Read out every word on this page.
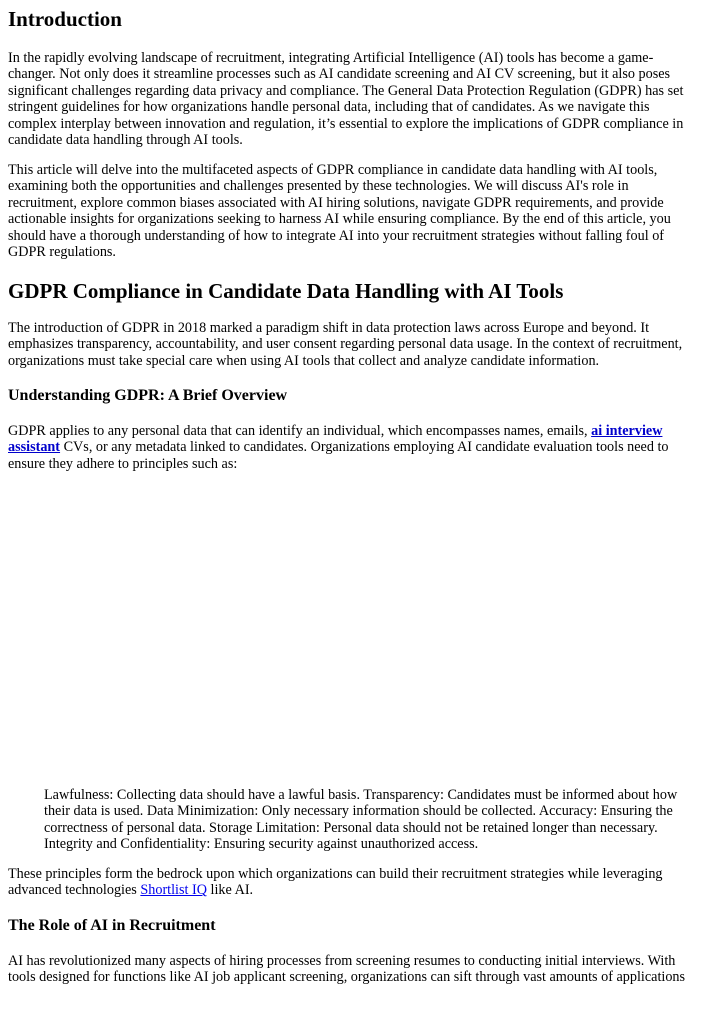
Introduction

In the rapidly evolving landscape of recruitment, integrating Artificial Intelligence (AI) tools has become a game-
changer. Not only does it streamline processes such as AI candidate screening and AI CV screening, but it also poses
significant challenges regarding data privacy and compliance. The General Data Protection Regulation (GDPR) has set
stringent guidelines for how organizations handle personal data, including that of candidates. As we navigate this
complex interplay between innovation and regulation, it’s essential to explore the implications of GDPR compliance in
candidate data handling through AI tools.

This article will delve into the multifaceted aspects of GDPR compliance in candidate data handling with AI tools,
examining both the opportunities and challenges presented by these technologies. We will discuss AI's role in
recruitment, explore common biases associated with AI hiring solutions, navigate GDPR requirements, and provide
actionable insights for organizations seeking to harness AI while ensuring compliance. By the end of this article, you
should have a thorough understanding of how to integrate AI into your recruitment strategies without falling foul of
GDPR regulations.

GDPR Compliance in Candidate Data Handling with AI Tools

The introduction of GDPR in 2018 marked a paradigm shift in data protection laws across Europe and beyond. It
emphasizes transparency, accountability, and user consent regarding personal data usage. In the context of recruitment,
organizations must take special care when using AI tools that collect and analyze candidate information.

Understanding GDPR: A Brief Overview

GDPR applies to any personal data that can identify an individual, which encompasses names, emails, ai interview
assistant CVs, or any metadata linked to candidates. Organizations employing AI candidate evaluation tools need to
ensure they adhere to principles such as:

Lawfulness: Collecting data should have a lawful basis. Transparency: Candidates must be informed about how
their data is used. Data Minimization: Only necessary information should be collected. Accuracy: Ensuring the
correctness of personal data. Storage Limitation: Personal data should not be retained longer than necessary.
Integrity and Confidentiality: Ensuring security against unauthorized access.

These principles form the bedrock upon which organizations can build their recruitment strategies while leveraging
advanced technologies Shortlist IQ like AI.

The Role of AI in Recruitment

AI has revolutionized many aspects of hiring processes from screening resumes to conducting initial interviews. With
tools designed for functions like AI job applicant screening, organizations can sift through vast amounts of applications
